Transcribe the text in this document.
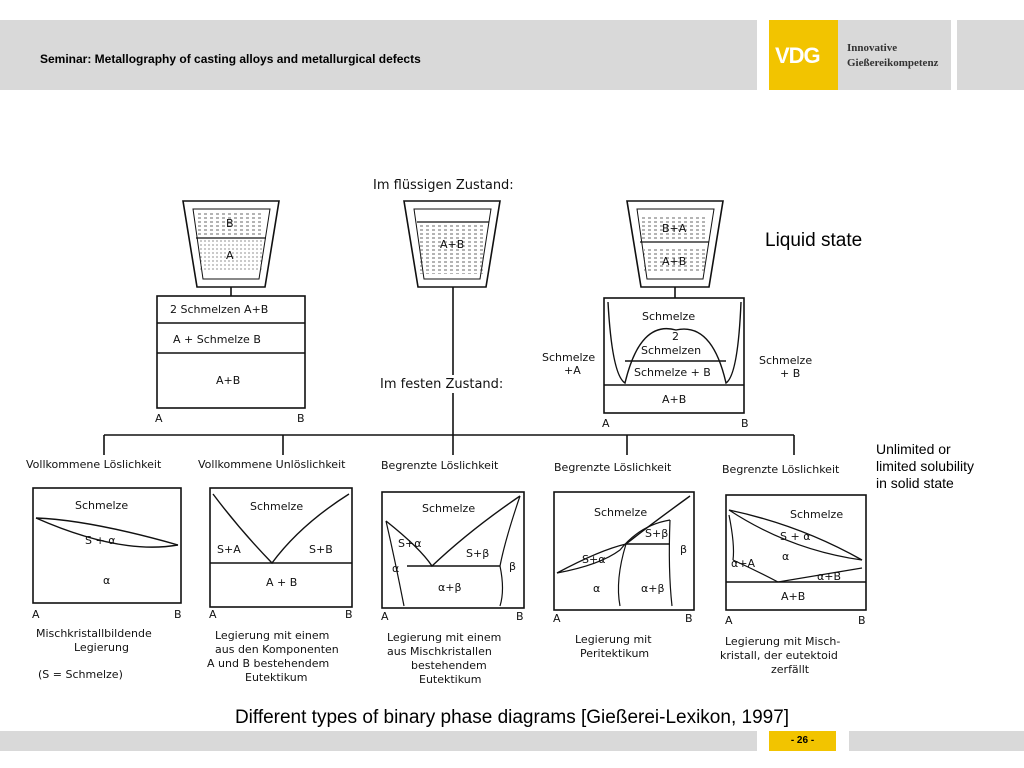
Seminar: Metallography of casting alloys and metallurgical defects	VDG Innovative
Gießereikompetenz
Im flüssigen Zustand:
Im festen Zustand:
B
A
A+B
B+A
A+B
2 Schmelzen A+B
A + Schmelze B
A+B
A	B
Schmelze
2
Schmelzen
Schmelze + B
A+B
Schmelze
+A
Schmelze
+ B
A	B
Vollkommene Löslichkeit	Vollkommene Unlöslichkeit	Begrenzte Löslichkeit	Begrenzte Löslichkeit	Begrenzte Löslichkeit
Schmelze
S + α
α
Schmelze
S+A	S+B
A + B
Schmelze
S+α
S+β
α	β
α+β
Schmelze
S+β
S+α
β
α	α+β
Schmelze
S + α
α
α+A
α+B
A+B
A	B A	B	A	B	A	B	A	B
Mischkristallbildende
Legierung
(S = Schmelze)
Legierung mit einem
aus den Komponenten
A und B bestehendem
Eutektikum
Legierung mit einem
aus Mischkristallen
bestehendem
Eutektikum
Legierung mit
Peritektikum
Legierung mit Misch-
kristall, der eutektoid
zerfällt
Liquid state
Unlimited or
limited solubility
in solid state
Different types of binary phase diagrams [Gießerei-Lexikon, 1997]
- 26 -
